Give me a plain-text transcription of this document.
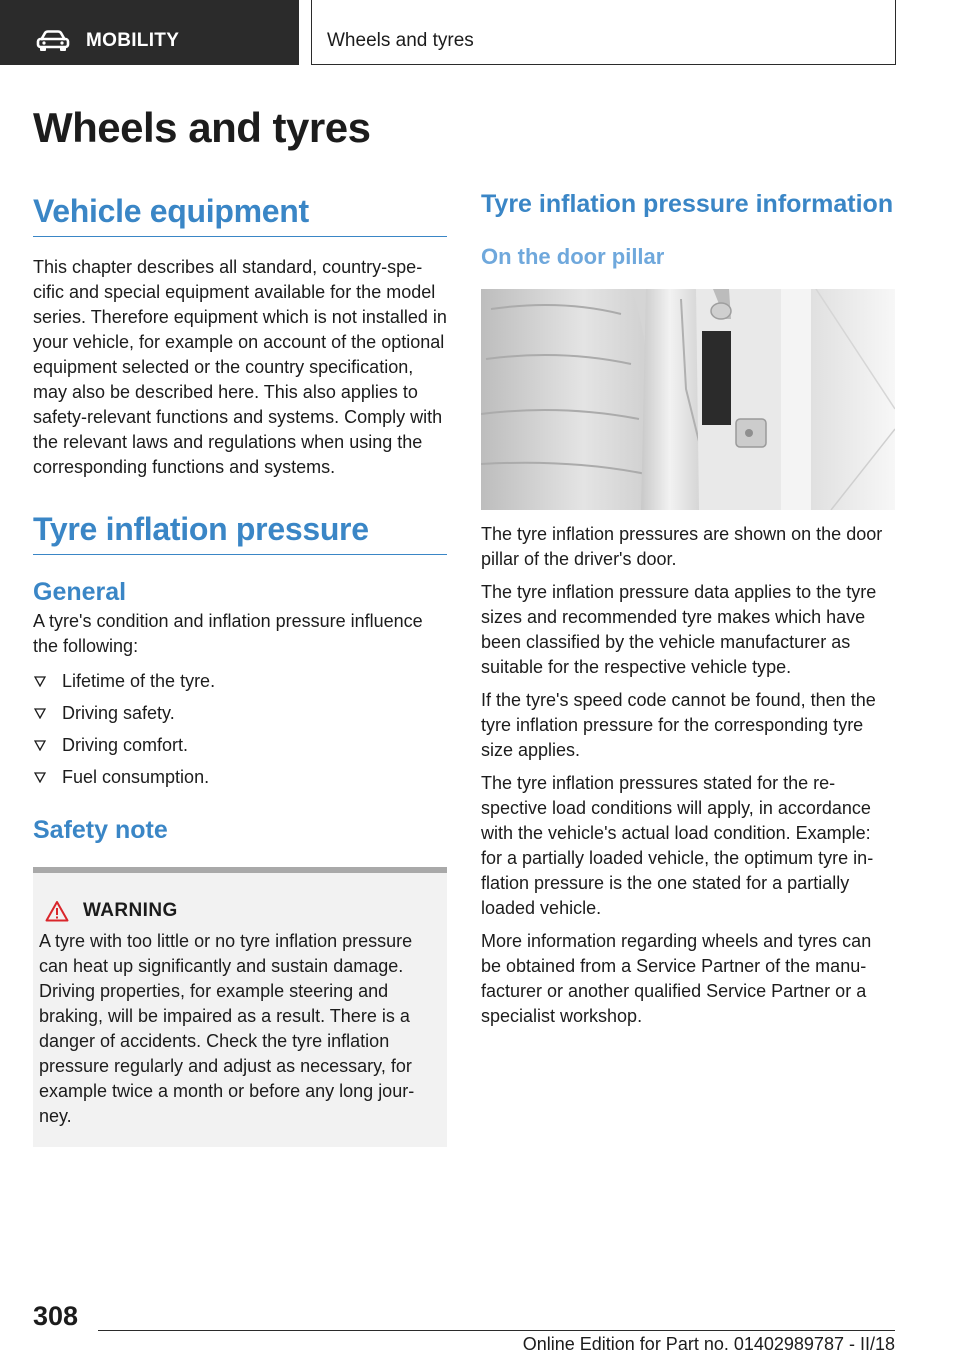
MOBILITY	Wheels and tyres
Wheels and tyres
Vehicle equipment

This chapter describes all standard, country-specific and special equipment available for the model series. Therefore equipment which is not installed in your vehicle, for example on account of the optional equipment selected or the country specification, may also be described here. This also applies to safety-relevant functions and systems. Comply with the relevant laws and regulations when using the corresponding functions and systems.

Tyre inflation pressure
General

A tyre's condition and inflation pressure influence the following:

Lifetime of the tyre.
Driving safety.
Driving comfort.
Fuel consumption.
Safety note
WARNING

A tyre with too little or no tyre inflation pressure can heat up significantly and sustain damage. Driving properties, for example steering and braking, will be impaired as a result. There is a danger of accidents. Check the tyre inflation pressure regularly and adjust as necessary, for example twice a month or before any long journey.

Tyre inflation pressure information
On the door pillar

The tyre inflation pressures are shown on the door pillar of the driver's door.

The tyre inflation pressure data applies to the tyre sizes and recommended tyre makes which have been classified by the vehicle manufacturer as suitable for the respective vehicle type.

If the tyre's speed code cannot be found, then the tyre inflation pressure for the corresponding tyre size applies.

The tyre inflation pressures stated for the respective load conditions will apply, in accordance with the vehicle's actual load condition. Example: for a partially loaded vehicle, the optimum tyre inflation pressure is the one stated for a partially loaded vehicle.

More information regarding wheels and tyres can be obtained from a Service Partner of the manufacturer or another qualified Service Partner or a specialist workshop.

308
Online Edition for Part no. 01402989787 - II/18
